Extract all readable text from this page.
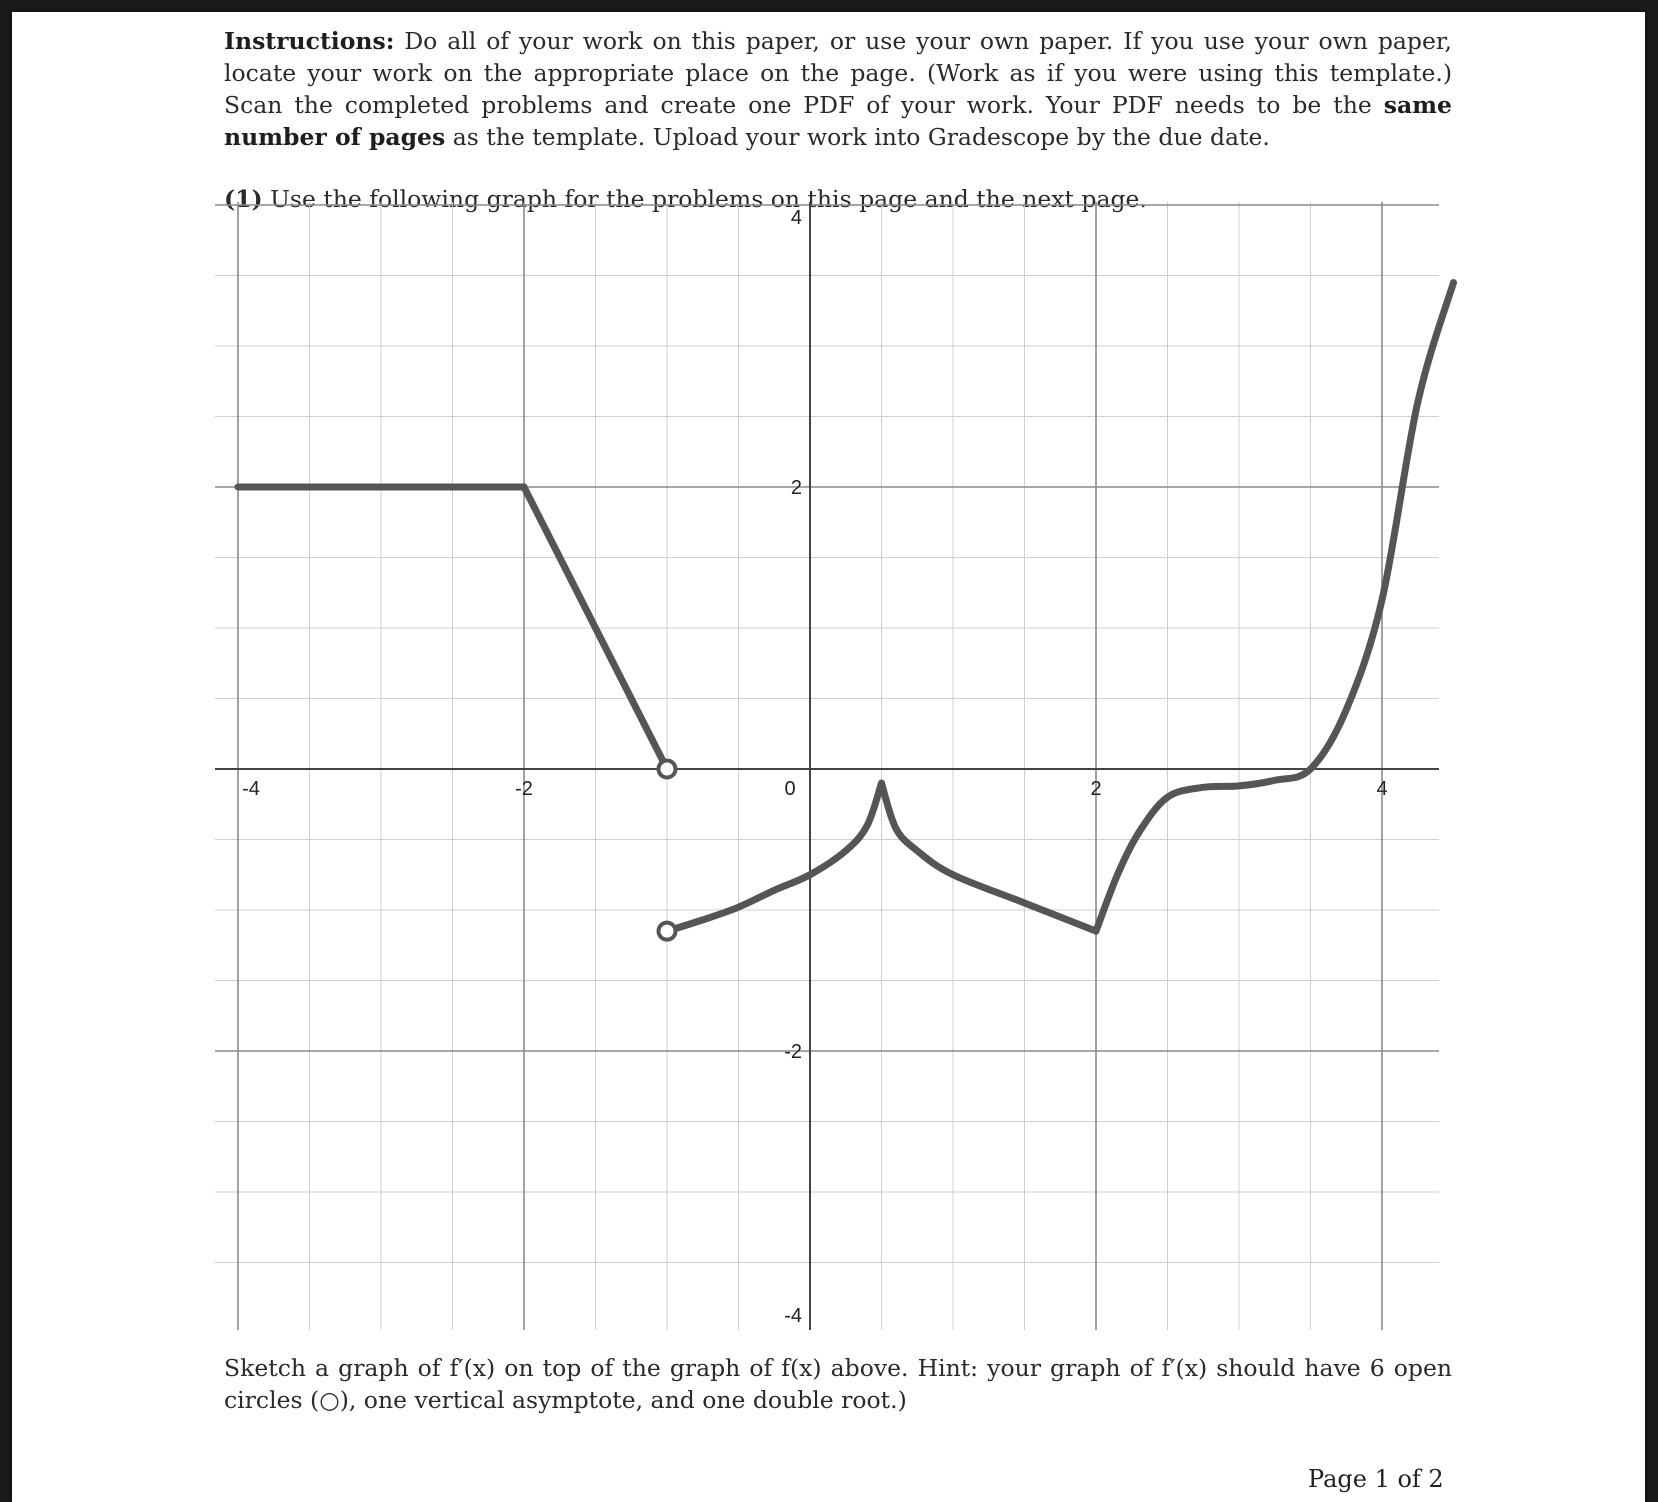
Instructions: Do all of your work on this paper, or use your own paper. If you use your own paper, locate your work on the appropriate place on the page. (Work as if you were using this template.) Scan the completed problems and create one PDF of your work. Your PDF needs to be the same number of pages as the template. Upload your work into Gradescope by the due date.
(1) Use the following graph for the problems on this page and the next page.
-4	-2	0	2	4
4
2
-2
-4
Sketch a graph of f′(x) on top of the graph of f(x) above. Hint: your graph of f′(x) should have 6 open circles (○), one vertical asymptote, and one double root.)
Page 1 of 2
